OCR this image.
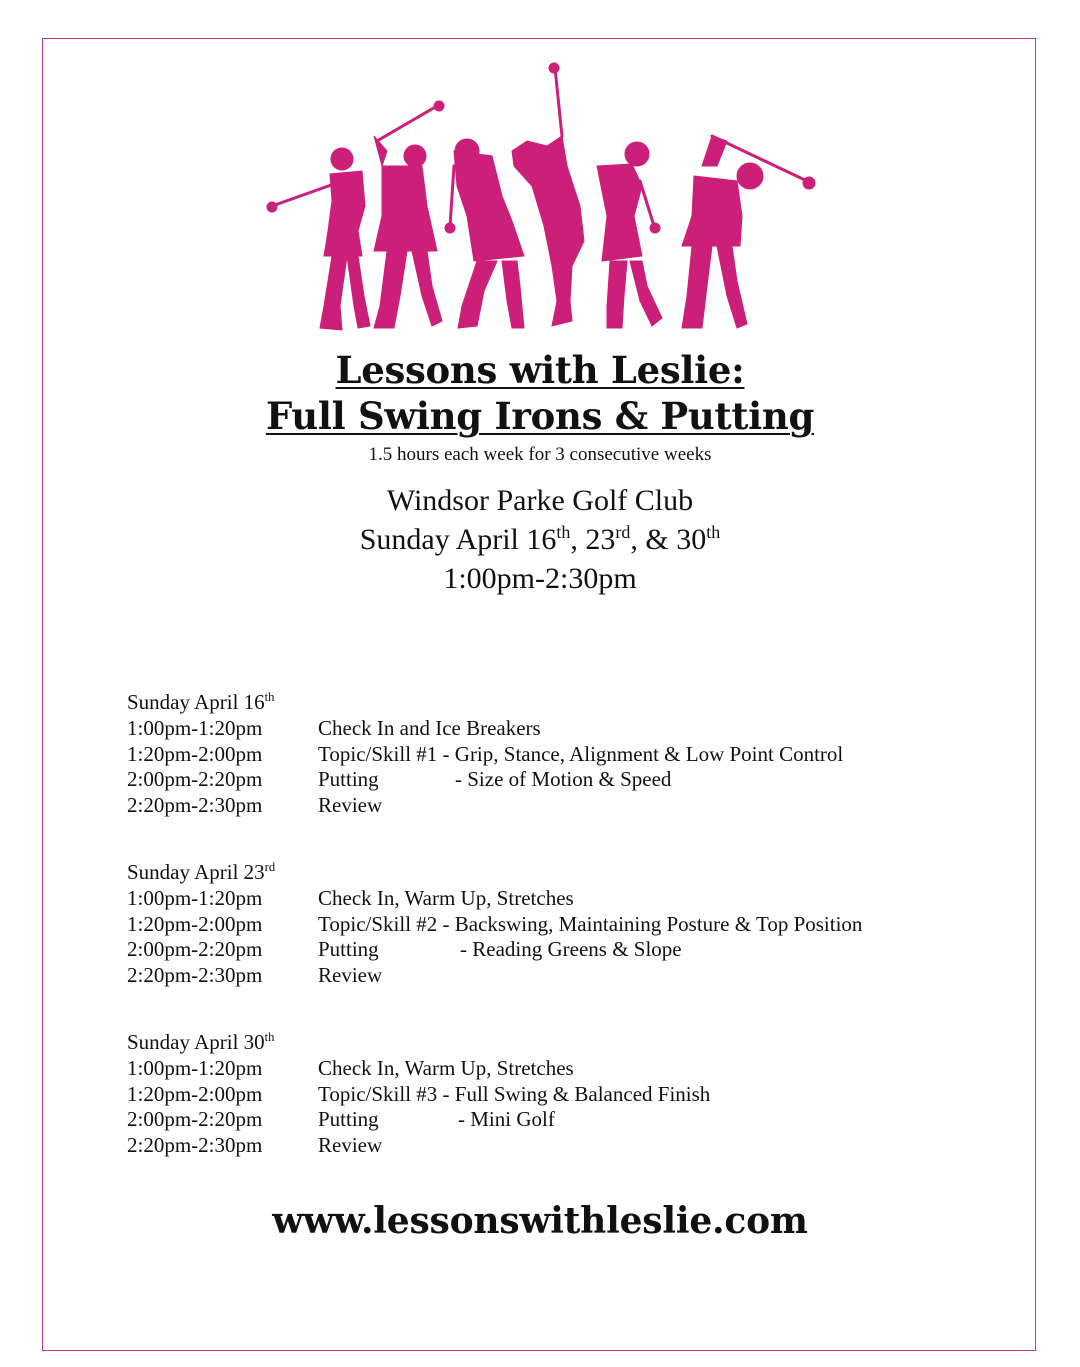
Lessons with Leslie:
Full Swing Irons & Putting
1.5 hours each week for 3 consecutive weeks
Windsor Parke Golf Club
Sunday April 16th, 23rd, & 30th
1:00pm-2:30pm
Sunday April 16th
1:00pm-1:20pm	Check In and Ice Breakers
1:20pm-2:00pm	Topic/Skill #1 - Grip, Stance, Alignment & Low Point Control
2:00pm-2:20pm	Putting	- Size of Motion & Speed
2:20pm-2:30pm	Review
Sunday April 23rd
1:00pm-1:20pm	Check In, Warm Up, Stretches
1:20pm-2:00pm	Topic/Skill #2 - Backswing, Maintaining Posture & Top Position
2:00pm-2:20pm	Putting	- Reading Greens & Slope
2:20pm-2:30pm	Review
Sunday April 30th
1:00pm-1:20pm	Check In, Warm Up, Stretches
1:20pm-2:00pm	Topic/Skill #3 - Full Swing & Balanced Finish
2:00pm-2:20pm	Putting	- Mini Golf
2:20pm-2:30pm	Review
www.lessonswithleslie.com
